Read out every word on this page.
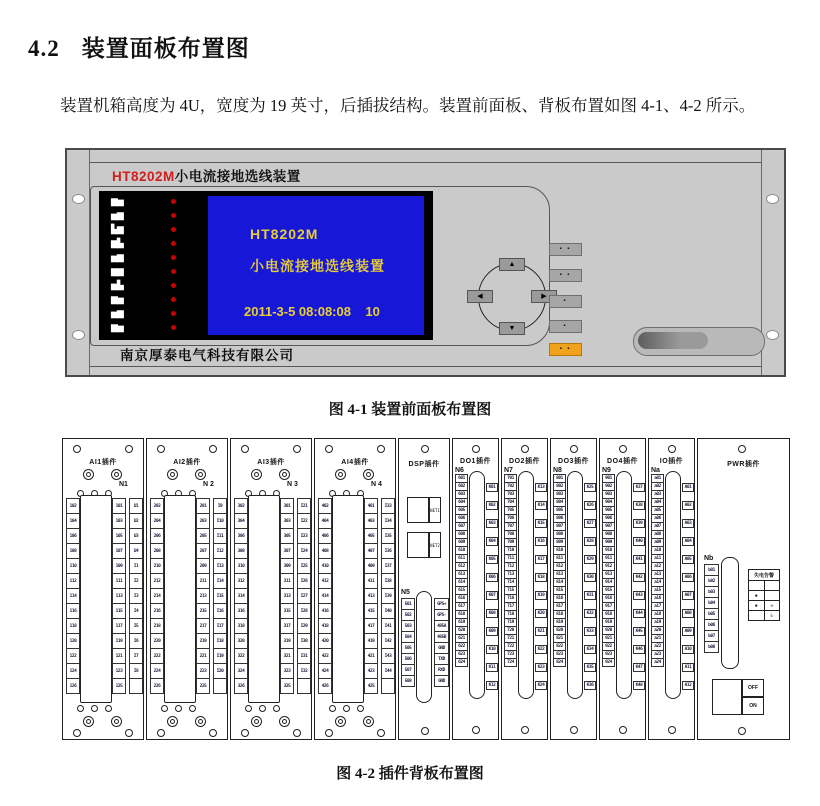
4.2 装置面板布置图
装置机箱高度为 4U，宽度为 19 英寸，后插拔结构。装置前面板、背板布置如图 4-1、4-2 所示。
HT8202M小电流接地选线装置
▆▅
▅▆
▙▆
▆▙
▅▆
▆▆
▅▙
▆▅
▅▆
▆▅
HT8202M
小电流接地选线装置
2011-3-5 08:08:08    10
▲
▼
◀	▶
▪ ▪
▪ ▪
▪
▪
▪ ▪
南京厚泰电气科技有限公司
图 4-1 装置前面板布置图
AI1插件
N1
102
104
106
108
110
112
114
116
118
120
122
124
126
101
103
105
107
109
111
113
115
117
119
121
123
125
U1
U2
U3
U4
I1
I2
I3
I4
I5
I6
I7
I8
AI2插件
N 2
202
204
206
208
210
212
214
216
218
220
222
224
226
201
203
205
207
209
211
213
215
217
219
221
223
225
I9
I10
I11
I12
I13
I14
I15
I16
I17
I18
I19
I20
AI3插件
N 3
302
304
306
308
310
312
314
316
318
320
322
324
326
301
303
305
307
309
311
313
315
317
319
321
323
325
I21
I22
I23
I24
I25
I26
I27
I28
I29
I30
I31
I32
AI4插件
N 4
402
404
406
408
410
412
414
416
418
420
422
424
426
401
403
405
407
409
411
413
415
417
419
421
423
425
I33
I34
I35
I36
I37
I38
I39
I40
I41
I42
I43
I44
DSP插件
NET1
NET2
N5
501
502
503
504
505
506
507
508
GPS+
GPS-
485A
485B
GND
TXD
RXD
GND
DO1插件
N6
601
602
603
604
605
606
607
608
609
610
611
612
613
614
615
616
617
618
619
620
621
622
623
624
K01
K02
K03
K04
K05
K06
K07
K08
K09
K10
K11
K12
DO2插件
N7
701
702
703
704
705
706
707
708
709
710
711
712
713
714
715
716
717
718
719
720
721
722
723
724
K13
K14
K15
K16
K17
K18
K19
K20
K21
K22
K23
K24
DO3插件
N8
801
802
803
804
805
806
807
808
809
810
811
812
813
814
815
816
817
818
819
820
821
822
823
824
K25
K26
K27
K28
K29
K30
K31
K32
K33
K34
K35
K36
DO4插件
N9
901
902
903
904
905
906
907
908
909
910
911
912
913
914
915
916
917
918
919
920
921
922
923
924
K37
K38
K39
K40
K41
K42
K43
K44
K45
K46
K47
K48
IO插件
Na
a01
a02
a03
a04
a05
a06
a07
a08
a09
a10
a11
a12
a13
a14
a15
a16
a17
a18
a19
a20
a21
a22
a23
a24
A01
A02
A03
A04
A05
A06
A07
A08
A09
A10
A11
A12
PWR插件
Nb
b01
b02
b03
b04
b05
b06
b07
b08
失电告警
▪
▪	≈
⏚
OFF
ON
图 4-2 插件背板布置图
